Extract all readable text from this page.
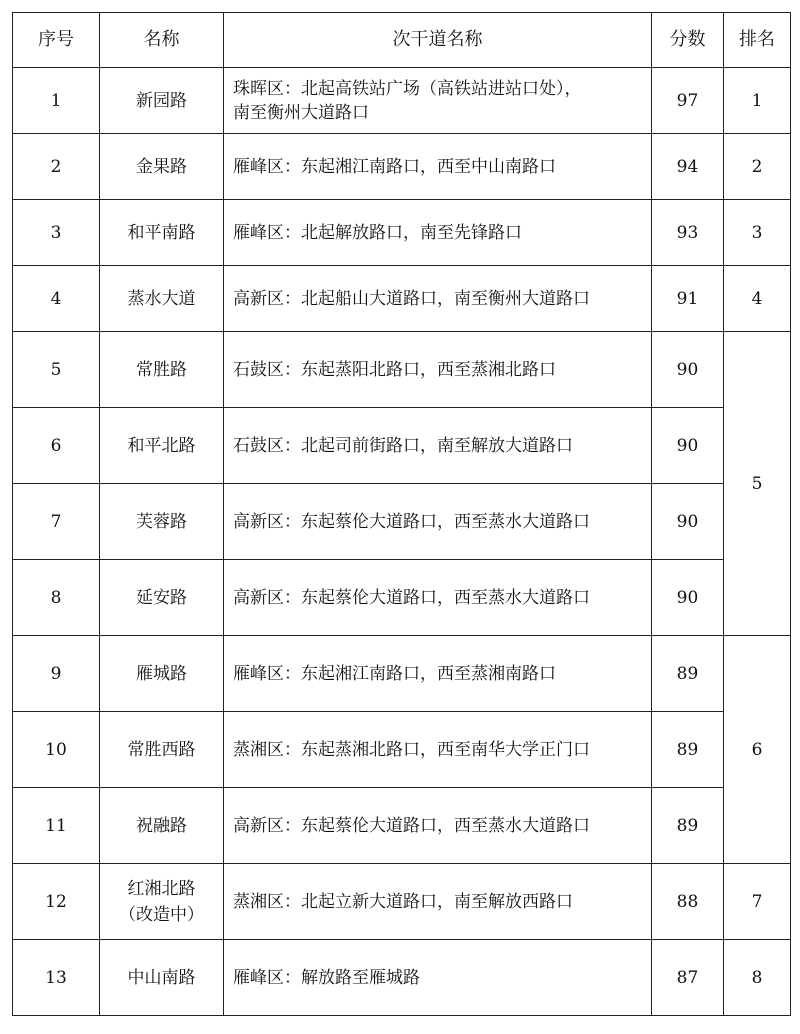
序号	名称	次干道名称	分数	排名
1	新园路	珠晖区：北起高铁站广场（高铁站进站口处），
南至衡州大道路口	97	1
2	金果路	雁峰区：东起湘江南路口，西至中山南路口	94	2
3	和平南路	雁峰区：北起解放路口，南至先锋路口	93	3
4	蒸水大道	高新区：北起船山大道路口，南至衡州大道路口	91	4
5	常胜路	石鼓区：东起蒸阳北路口，西至蒸湘北路口	90	5
6	和平北路	石鼓区：北起司前街路口，南至解放大道路口	90	
7	芙蓉路	高新区：东起蔡伦大道路口，西至蒸水大道路口	90	
8	延安路	高新区：东起蔡伦大道路口，西至蒸水大道路口	90	
9	雁城路	雁峰区：东起湘江南路口，西至蒸湘南路口	89	6
10	常胜西路	蒸湘区：东起蒸湘北路口，西至南华大学正门口	89	
11	祝融路	高新区：东起蔡伦大道路口，西至蒸水大道路口	89	
12	红湘北路
（改造中）	蒸湘区：北起立新大道路口，南至解放西路口	88	7
13	中山南路	雁峰区：解放路至雁城路	87	8
